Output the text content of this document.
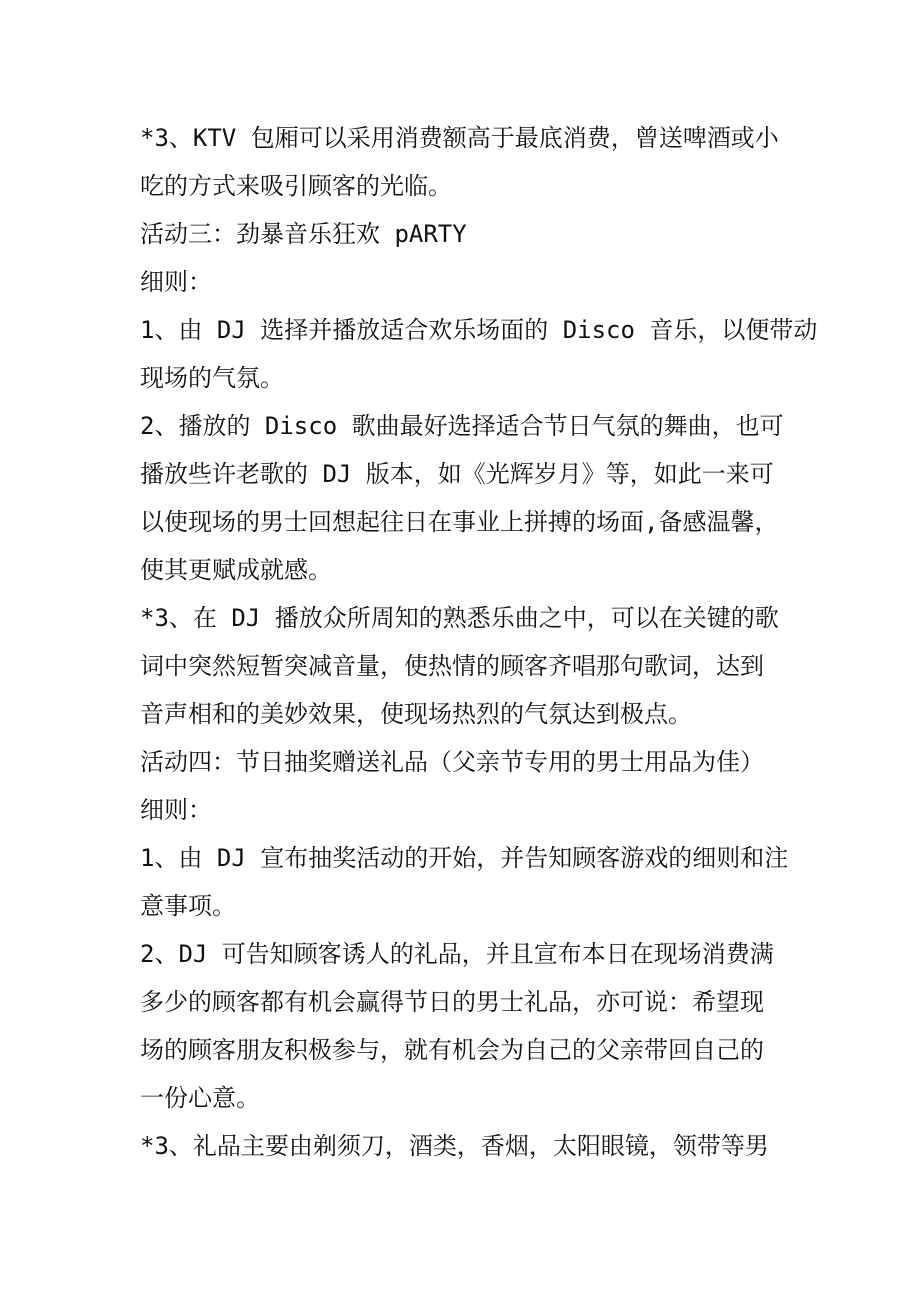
*3、KTV 包厢可以采用消费额高于最底消费，曾送啤酒或小
吃的方式来吸引顾客的光临。
活动三：劲暴音乐狂欢 pARTY
细则：
1、由 DJ 选择并播放适合欢乐场面的 Disco 音乐，以便带动
现场的气氛。
2、播放的 Disco 歌曲最好选择适合节日气氛的舞曲，也可
播放些许老歌的 DJ 版本，如《光辉岁月》等，如此一来可
以使现场的男士回想起往日在事业上拼搏的场面,备感温馨，
使其更赋成就感。
*3、在 DJ 播放众所周知的熟悉乐曲之中，可以在关键的歌
词中突然短暂突减音量，使热情的顾客齐唱那句歌词，达到
音声相和的美妙效果，使现场热烈的气氛达到极点。
活动四：节日抽奖赠送礼品（父亲节专用的男士用品为佳）
细则：
1、由 DJ 宣布抽奖活动的开始，并告知顾客游戏的细则和注
意事项。
2、DJ 可告知顾客诱人的礼品，并且宣布本日在现场消费满
多少的顾客都有机会赢得节日的男士礼品，亦可说：希望现
场的顾客朋友积极参与，就有机会为自己的父亲带回自己的
一份心意。
*3、礼品主要由剃须刀，酒类，香烟，太阳眼镜，领带等男
